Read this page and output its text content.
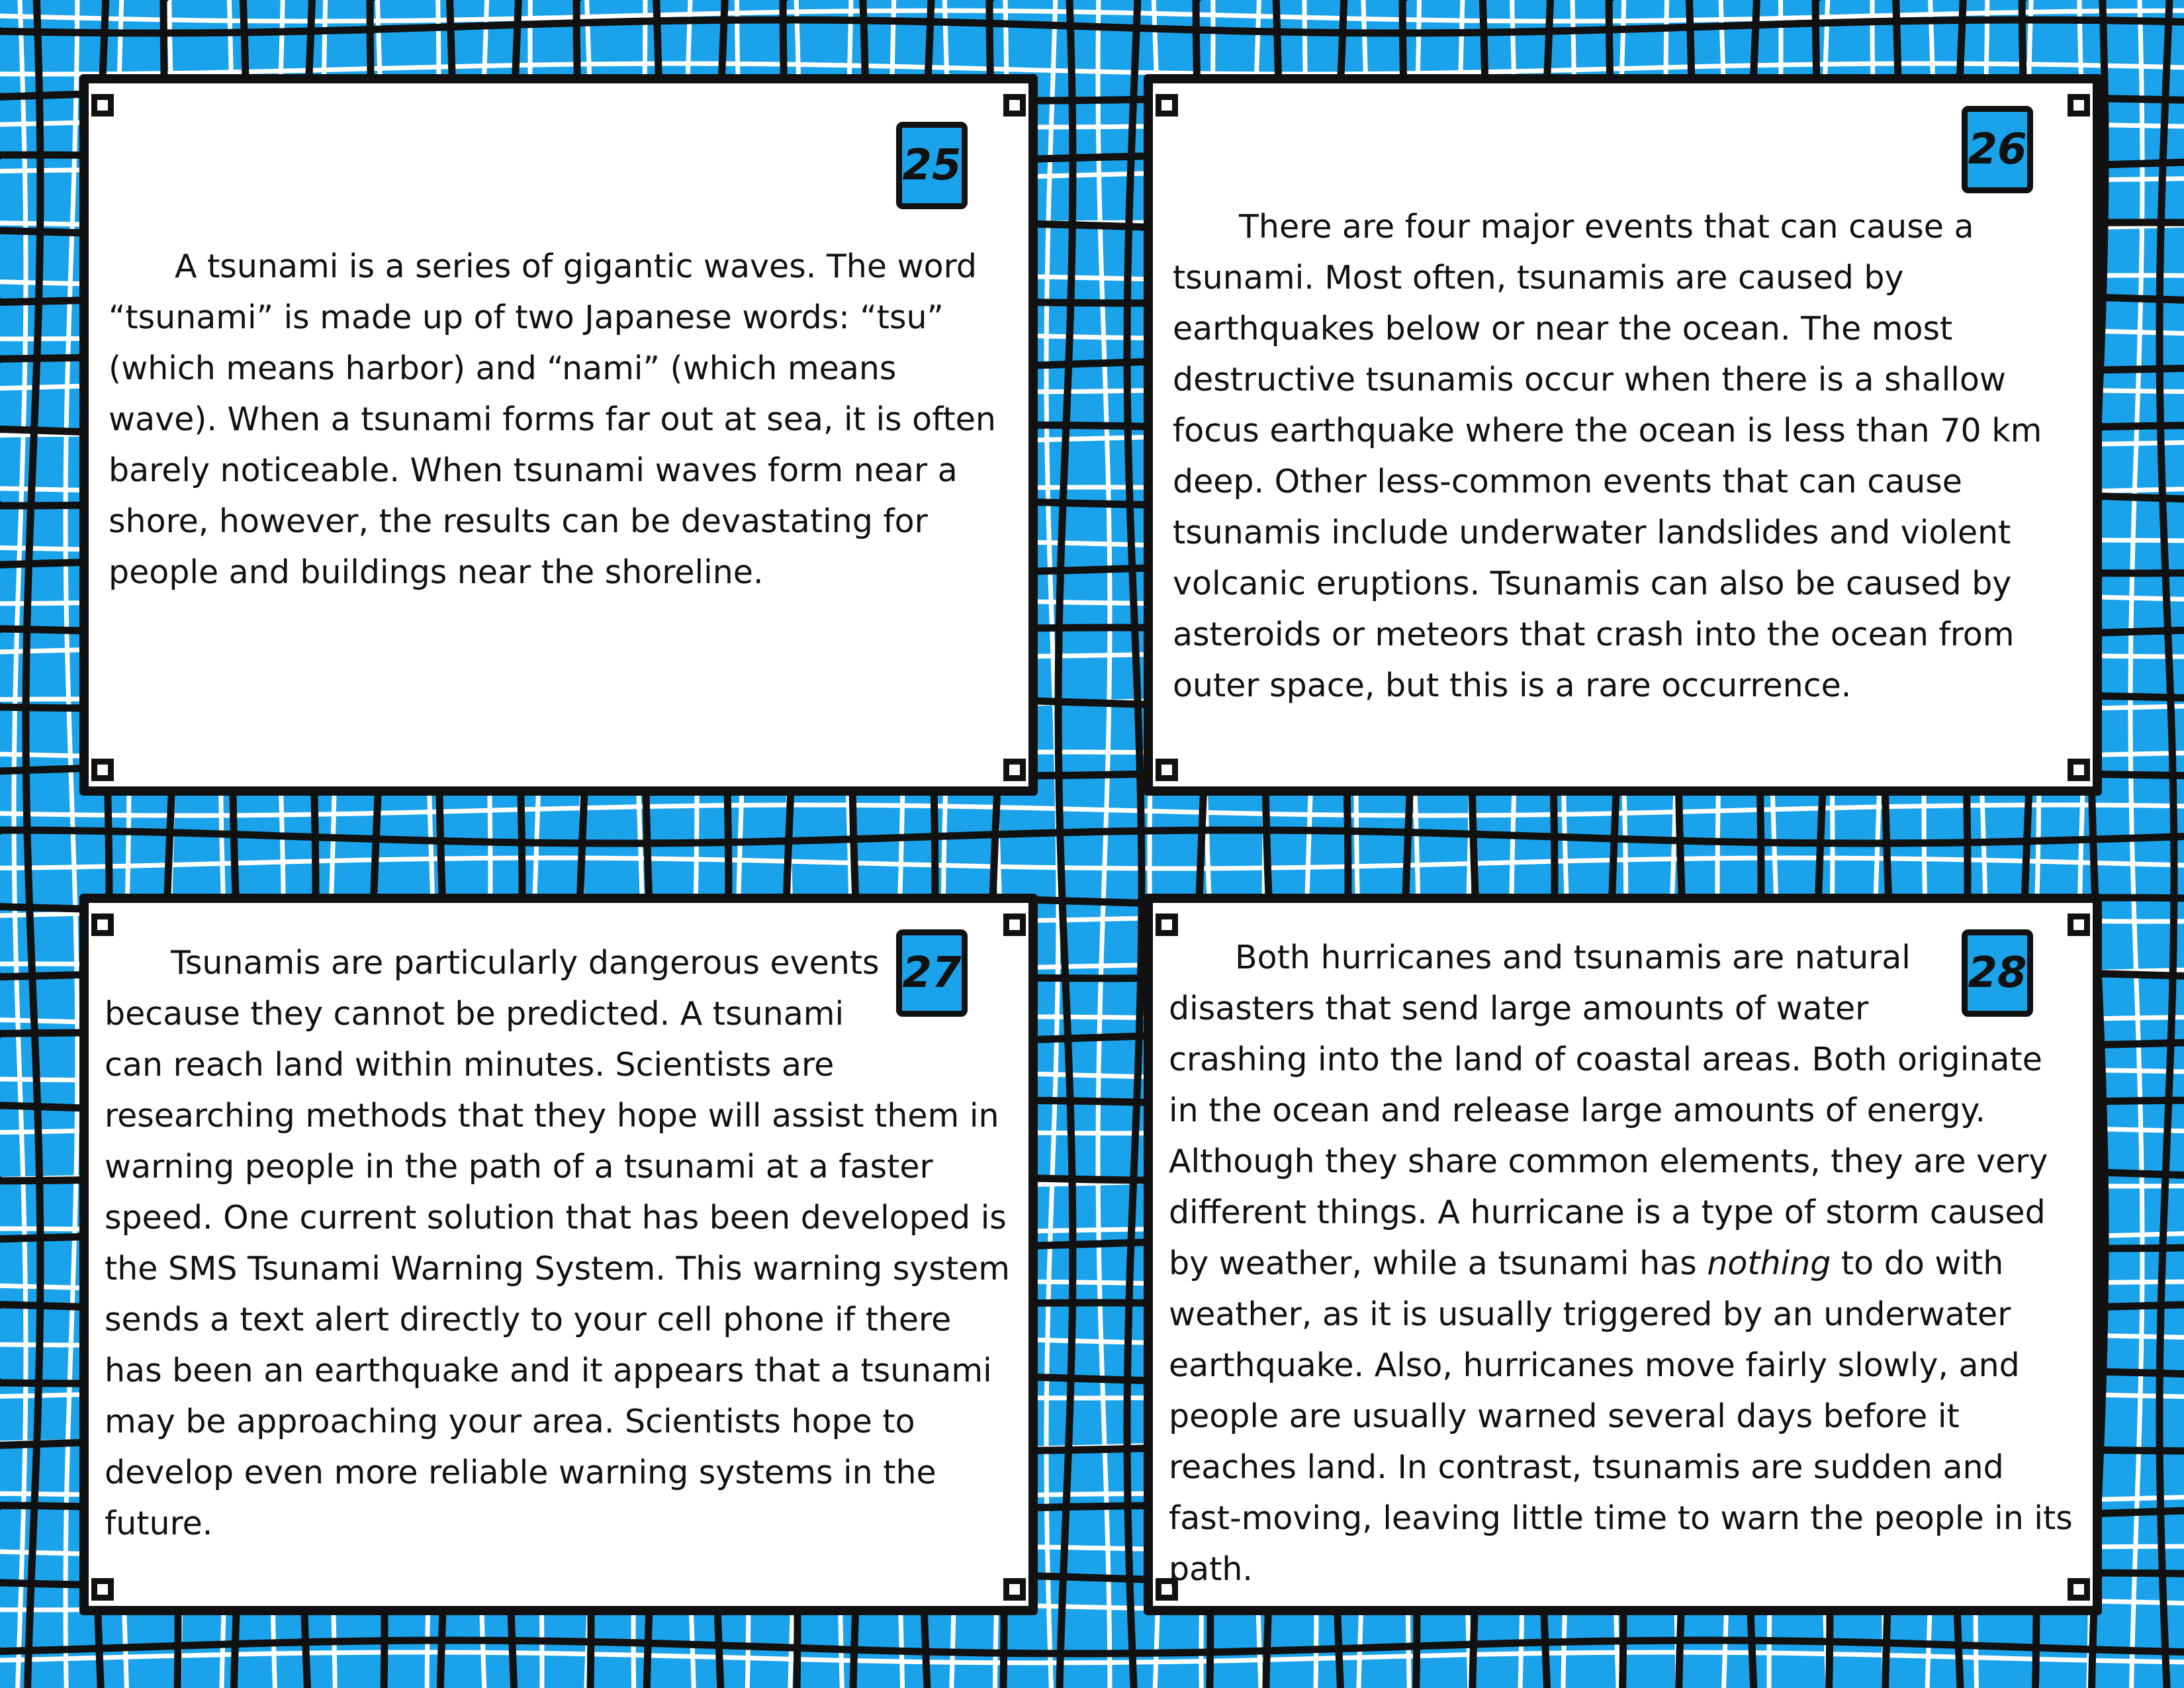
25

A tsunami is a series of gigantic waves. The word “tsunami” is made up of two Japanese words: “tsu” (which means harbor) and “nami” (which means wave). When a tsunami forms far out at sea, it is often barely noticeable. When tsunami waves form near a shore, however, the results can be devastating for people and buildings near the shoreline.

26

There are four major events that can cause a tsunami. Most often, tsunamis are caused by earthquakes below or near the ocean. The most destructive tsunamis occur when there is a shallow focus earthquake where the ocean is less than 70 km deep. Other less-common events that can cause tsunamis include underwater landslides and violent volcanic eruptions. Tsunamis can also be caused by asteroids or meteors that crash into the ocean from outer space, but this is a rare occurrence.

27

Tsunamis are particularly dangerous events because they cannot be predicted. A tsunami can reach land within minutes. Scientists are researching methods that they hope will assist them in warning people in the path of a tsunami at a faster speed. One current solution that has been developed is the SMS Tsunami Warning System. This warning system sends a text alert directly to your cell phone if there has been an earthquake and it appears that a tsunami may be approaching your area. Scientists hope to develop even more reliable warning systems in the future.

28

Both hurricanes and tsunamis are natural disasters that send large amounts of water crashing into the land of coastal areas. Both originate in the ocean and release large amounts of energy. Although they share common elements, they are very different things. A hurricane is a type of storm caused by weather, while a tsunami has nothing to do with weather, as it is usually triggered by an underwater earthquake. Also, hurricanes move fairly slowly, and people are usually warned several days before it reaches land. In contrast, tsunamis are sudden and fast-moving, leaving little time to warn the people in its path.
